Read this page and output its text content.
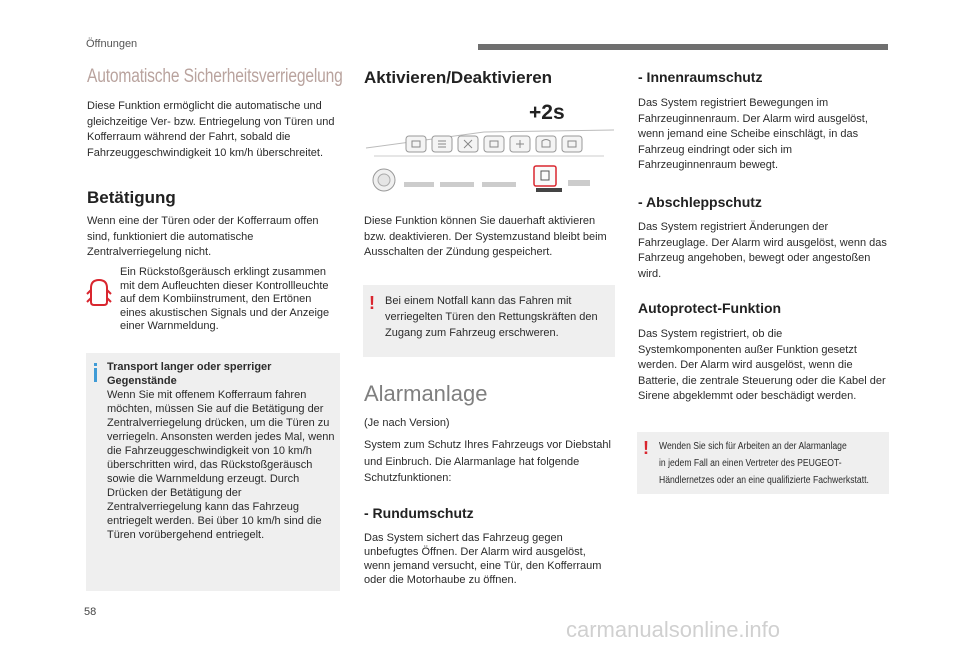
Öffnungen
Automatische Sicherheitsverriegelung
Diese Funktion ermöglicht die automatische und gleichzeitige Ver- bzw. Entriegelung von Türen und Kofferraum während der Fahrt, sobald die Fahrzeuggeschwindigkeit 10 km/h überschreitet.
Betätigung
Wenn eine der Türen oder der Kofferraum offen sind, funktioniert die automatische Zentralverriegelung nicht.
Ein Rückstoßgeräusch erklingt zusammen mit dem Aufleuchten dieser Kontrollleuchte auf dem Kombiinstrument, den Ertönen eines akustischen Signals und der Anzeige einer Warnmeldung.
Transport langer oder sperriger Gegenstände
Wenn Sie mit offenem Kofferraum fahren möchten, müssen Sie auf die Betätigung der Zentralverriegelung drücken, um die Türen zu verriegeln. Ansonsten werden jedes Mal, wenn die Fahrzeuggeschwindigkeit von 10 km/h überschritten wird, das Rückstoßgeräusch sowie die Warnmeldung erzeugt. Durch Drücken der Betätigung der Zentralverriegelung kann das Fahrzeug entriegelt werden. Bei über 10 km/h sind die Türen vorübergehend entriegelt.
Aktivieren/Deaktivieren
+2s
Diese Funktion können Sie dauerhaft aktivieren bzw. deaktivieren. Der Systemzustand bleibt beim Ausschalten der Zündung gespeichert.
! Bei einem Notfall kann das Fahren mit verriegelten Türen den Rettungskräften den Zugang zum Fahrzeug erschweren.
Alarmanlage
(Je nach Version)
System zum Schutz Ihres Fahrzeugs vor Diebstahl und Einbruch. Die Alarmanlage hat folgende Schutzfunktionen:
- Rundumschutz
Das System sichert das Fahrzeug gegen unbefugtes Öffnen. Der Alarm wird ausgelöst, wenn jemand versucht, eine Tür, den Kofferraum oder die Motorhaube zu öffnen.
- Innenraumschutz
Das System registriert Bewegungen im Fahrzeuginnenraum. Der Alarm wird ausgelöst, wenn jemand eine Scheibe einschlägt, in das Fahrzeug eindringt oder sich im Fahrzeuginnenraum bewegt.
- Abschleppschutz
Das System registriert Änderungen der Fahrzeuglage. Der Alarm wird ausgelöst, wenn das Fahrzeug angehoben, bewegt oder angestoßen wird.
Autoprotect-Funktion
Das System registriert, ob die Systemkomponenten außer Funktion gesetzt werden. Der Alarm wird ausgelöst, wenn die Batterie, die zentrale Steuerung oder die Kabel der Sirene abgeklemmt oder beschädigt werden.
! Wenden Sie sich für Arbeiten an der Alarmanlage
in jedem Fall an einen Vertreter des PEUGEOT-
Händlernetzes oder an eine qualifizierte Fachwerkstatt.
58
carmanualsonline.info
